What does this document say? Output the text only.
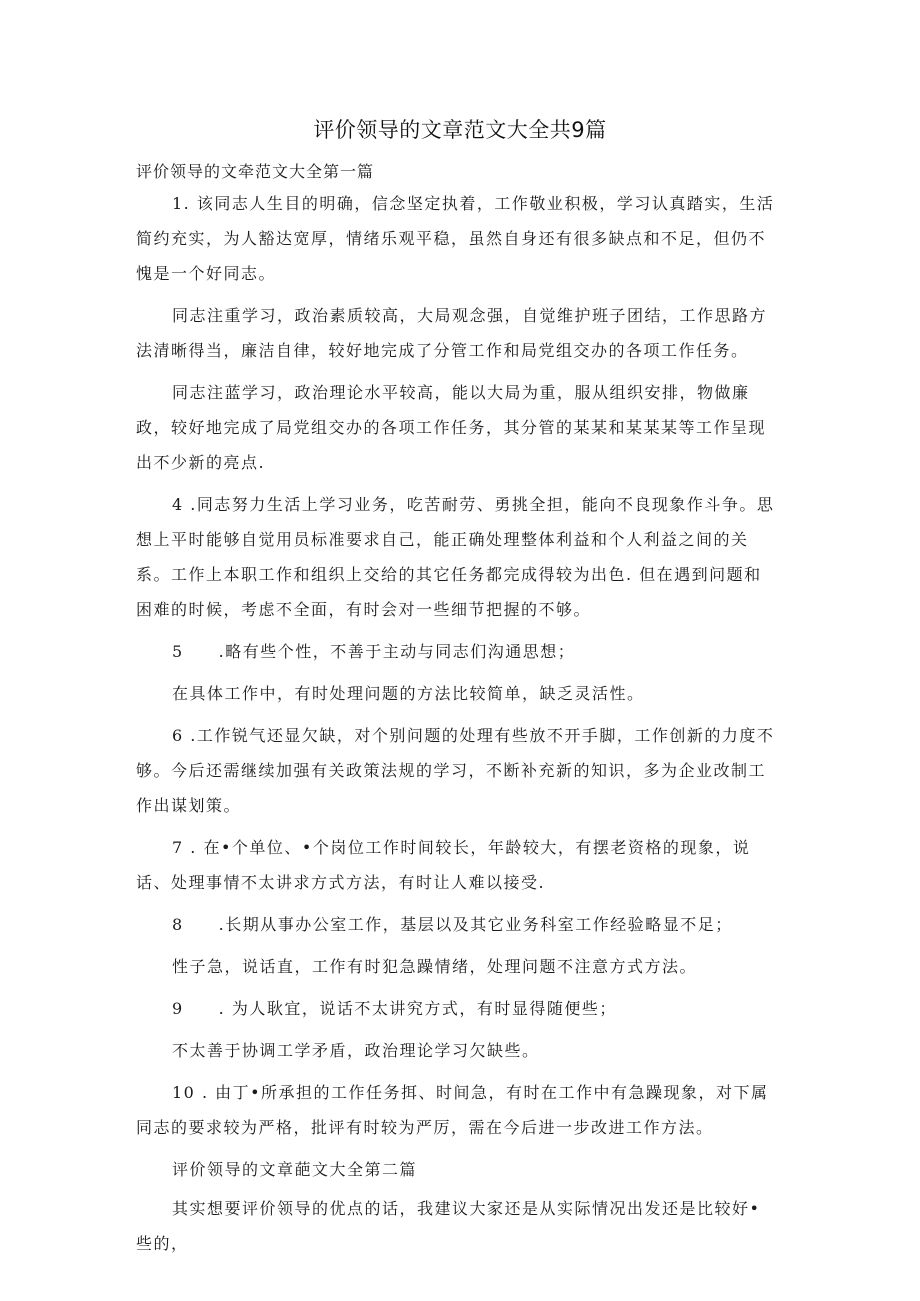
评价领导的文章范文大全共9篇
评价领导的文牵范文大全第一篇

1. 该同志人生目的明确，信念坚定执着，工作敬业积极，学习认真踏实，生活简约充实，为人豁达宽厚，情绪乐观平稳，虽然自身还有很多缺点和不足，但仍不愧是一个好同志。

同志注重学习，政治素质较高，大局观念强，自觉维护班子团结，工作思路方法清晰得当，廉洁自律，较好地完成了分管工作和局党组交办的各项工作任务。

同志注蓝学习，政治理论水平较高，能以大局为重，服从组织安排，物做廉政，较好地完成了局党组交办的各项工作任务，其分管的某某和某某某等工作呈现出不少新的亮点.

4 .同志努力生活上学习业务，吃苦耐劳、勇挑全担，能向不良现象作斗争。思想上平时能够自觉用员标准要求自己，能正确处理整体利益和个人利益之间的关系。工作上本职工作和组织上交给的其它任务都完成得较为出色. 但在遇到问题和困难的时候，考虑不全面，有时会对一些细节把握的不够。

5　　.略有些个性，不善于主动与同志们沟通思想；

在具体工作中，有时处理问题的方法比较简单，缺乏灵活性。

6 .工作锐气还显欠缺，对个别问题的处理有些放不开手脚，工作创新的力度不够。今后还需继续加强有关政策法规的学习，不断补充新的知识，多为企业改制工作出谋划策。

7 . 在•个单位、•个岗位工作时间较长，年龄较大，有摆老资格的现象，说话、处理事情不太讲求方式方法，有时让人难以接受.

8　　.长期从事办公室工作，基层以及其它业务科室工作经验略显不足；

性子急，说话直，工作有时犯急躁情绪，处理问题不注意方式方法。

9　　. 为人耿宜，说话不太讲究方式，有时显得随便些；

不太善于协调工学矛盾，政治理论学习欠缺些。

10 . 由丁•所承担的工作任务挕、时间急，有时在工作中有急躁现象，对下属同志的要求较为严格，批评有时较为严厉，需在今后进一步改进工作方法。

评价领导的文章葩文大全第二篇

其实想要评价领导的优点的话，我建议大家还是从实际情况出发还是比较好•些的，
